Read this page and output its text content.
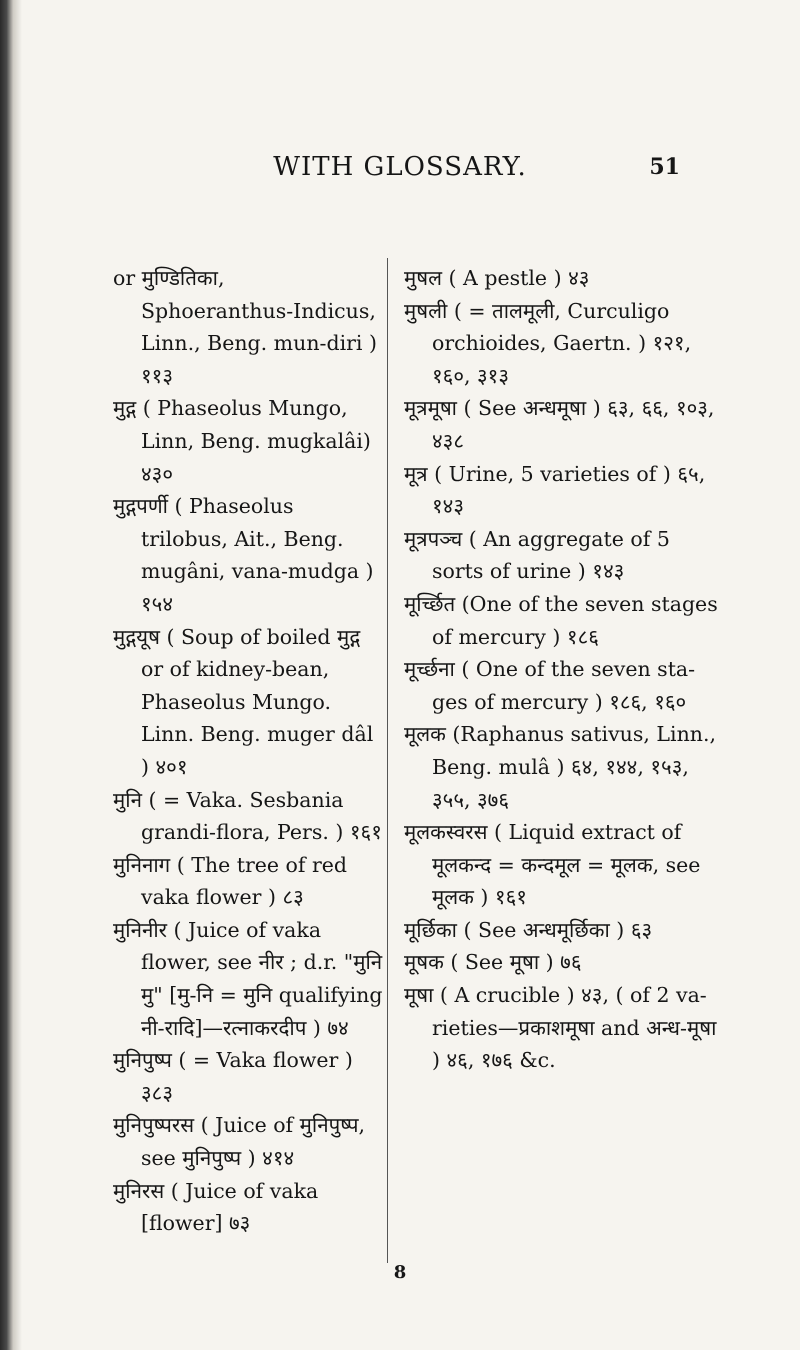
WITH GLOSSARY.	51

or मुण्डितिका, Sphoeranthus-Indicus, Linn., Beng. mun-diri ) ११३

मुद्ग ( Phaseolus Mungo, Linn, Beng. mugkalâi) ४३०

मुद्गपर्णी ( Phaseolus trilobus, Ait., Beng. mugâni, vana-mudga ) १५४

मुद्गयूष ( Soup of boiled मुद्ग or of kidney-bean, Phaseolus Mungo. Linn. Beng. muger dâl ) ४०१

मुनि ( = Vaka. Sesbania grandi-flora, Pers. ) १६१

मुनिनाग ( The tree of red vaka flower ) ८३

मुनिनीर ( Juice of vaka flower, see नीर ; d.r. "मुनि मु" [मु-नि = मुनि qualifying नी-रादि]—रत्नाकरदीप ) ७४

मुनिपुष्प ( = Vaka flower ) ३८३

मुनिपुष्परस ( Juice of मुनिपुष्प, see मुनिपुष्प ) ४१४

मुनिरस ( Juice of vaka [flower] ७३

मुषल ( A pestle ) ४३

मुषली ( = तालमूली, Curculigo orchioides, Gaertn. ) १२१, १६०, ३१३

मूत्रमूषा ( See अन्धमूषा ) ६३, ६६, १०३, ४३८

मूत्र ( Urine, 5 varieties of ) ६५, १४३

मूत्रपञ्च ( An aggregate of 5 sorts of urine ) १४३

मूर्च्छित (One of the seven stages of mercury ) १८६

मूर्च्छना ( One of the seven sta-ges of mercury ) १८६, १६०

मूलक (Raphanus sativus, Linn., Beng. mulâ ) ६४, १४४, १५३, ३५५, ३७६

मूलकस्वरस ( Liquid extract of मूलकन्द = कन्दमूल = मूलक, see मूलक ) १६१

मूर्छिका ( See अन्धमूर्छिका ) ६३

मूषक ( See मूषा ) ७६

मूषा ( A crucible ) ४३, ( of 2 va-rieties—प्रकाशमूषा and अन्ध-मूषा ) ४६, १७६ &c.

8
